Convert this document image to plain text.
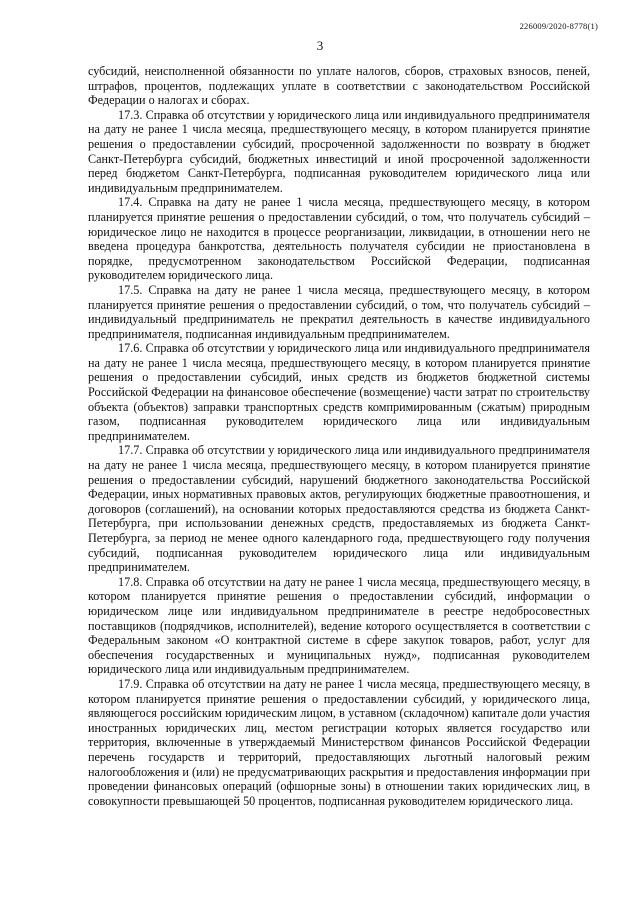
226009/2020-8778(1)
3

субсидий, неисполненной обязанности по уплате налогов, сборов, страховых взносов, пеней, штрафов, процентов, подлежащих уплате в соответствии с законодательством Российской Федерации о налогах и сборах.

17.3. Справка об отсутствии у юридического лица или индивидуального предпринимателя на дату не ранее 1 числа месяца, предшествующего месяцу, в котором планируется принятие решения о предоставлении субсидий, просроченной задолженности по возврату в бюджет Санкт-Петербурга субсидий, бюджетных инвестиций и иной просроченной задолженности перед бюджетом Санкт-Петербурга, подписанная руководителем юридического лица или индивидуальным предпринимателем.

17.4. Справка на дату не ранее 1 числа месяца, предшествующего месяцу, в котором планируется принятие решения о предоставлении субсидий, о том, что получатель субсидий – юридическое лицо не находится в процессе реорганизации, ликвидации, в отношении него не введена процедура банкротства, деятельность получателя субсидии не приостановлена в порядке, предусмотренном законодательством Российской Федерации, подписанная руководителем юридического лица.

17.5. Справка на дату не ранее 1 числа месяца, предшествующего месяцу, в котором планируется принятие решения о предоставлении субсидий, о том, что получатель субсидий – индивидуальный предприниматель не прекратил деятельность в качестве индивидуального предпринимателя, подписанная индивидуальным предпринимателем.

17.6. Справка об отсутствии у юридического лица или индивидуального предпринимателя на дату не ранее 1 числа месяца, предшествующего месяцу, в котором планируется принятие решения о предоставлении субсидий, иных средств из бюджетов бюджетной системы Российской Федерации на финансовое обеспечение (возмещение) части затрат по строительству объекта (объектов) заправки транспортных средств компримированным (сжатым) природным газом, подписанная руководителем юридического лица или индивидуальным предпринимателем.

17.7. Справка об отсутствии у юридического лица или индивидуального предпринимателя на дату не ранее 1 числа месяца, предшествующего месяцу, в котором планируется принятие решения о предоставлении субсидий, нарушений бюджетного законодательства Российской Федерации, иных нормативных правовых актов, регулирующих бюджетные правоотношения, и договоров (соглашений), на основании которых предоставляются средства из бюджета Санкт-Петербурга, при использовании денежных средств, предоставляемых из бюджета Санкт-Петербурга, за период не менее одного календарного года, предшествующего году получения субсидий, подписанная руководителем юридического лица или индивидуальным предпринимателем.

17.8. Справка об отсутствии на дату не ранее 1 числа месяца, предшествующего месяцу, в котором планируется принятие решения о предоставлении субсидий, информации о юридическом лице или индивидуальном предпринимателе в реестре недобросовестных поставщиков (подрядчиков, исполнителей), ведение которого осуществляется в соответствии с Федеральным законом «О контрактной системе в сфере закупок товаров, работ, услуг для обеспечения государственных и муниципальных нужд», подписанная руководителем юридического лица или индивидуальным предпринимателем.

17.9. Справка об отсутствии на дату не ранее 1 числа месяца, предшествующего месяцу, в котором планируется принятие решения о предоставлении субсидий, у юридического лица, являющегося российским юридическим лицом, в уставном (складочном) капитале доли участия иностранных юридических лиц, местом регистрации которых является государство или территория, включенные в утверждаемый Министерством финансов Российской Федерации перечень государств и территорий, предоставляющих льготный налоговый режим налогообложения и (или) не предусматривающих раскрытия и предоставления информации при проведении финансовых операций (офшорные зоны) в отношении таких юридических лиц, в совокупности превышающей 50 процентов, подписанная руководителем юридического лица.
